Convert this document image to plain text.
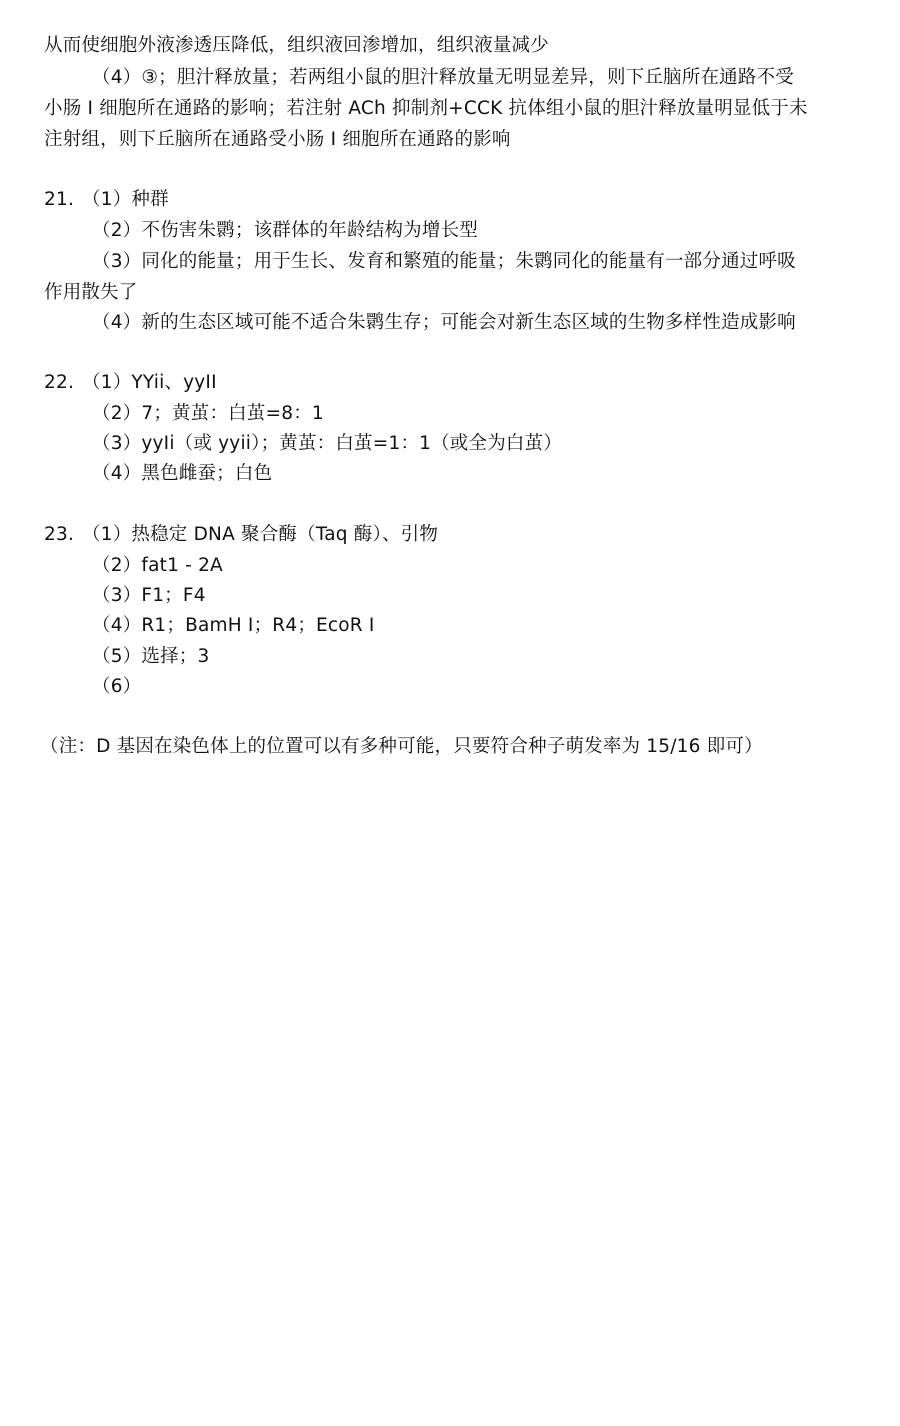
从而使细胞外液渗透压降低，组织液回渗增加，组织液量减少
（4）③；胆汁释放量；若两组小鼠的胆汁释放量无明显差异，则下丘脑所在通路不受
小肠 I 细胞所在通路的影响；若注射 ACh 抑制剂+CCK 抗体组小鼠的胆汁释放量明显低于未
注射组，则下丘脑所在通路受小肠 I 细胞所在通路的影响
21. （1）种群
（2）不伤害朱鹮；该群体的年龄结构为增长型
（3）同化的能量；用于生长、发育和繁殖的能量；朱鹮同化的能量有一部分通过呼吸
作用散失了
（4）新的生态区域可能不适合朱鹮生存；可能会对新生态区域的生物多样性造成影响
22. （1）YYii、yyII
（2）7；黄茧：白茧=8：1
（3）yyIi（或 yyii）；黄茧：白茧=1：1（或全为白茧）
（4）黑色雌蚕；白色
23. （1）热稳定 DNA 聚合酶（Taq 酶）、引物
（2）fat1 - 2A
（3）F1；F4
（4）R1；BamH Ⅰ；R4；EcoR Ⅰ
（5）选择；3
（6）
（注：D 基因在染色体上的位置可以有多种可能，只要符合种子萌发率为 15/16 即可）
